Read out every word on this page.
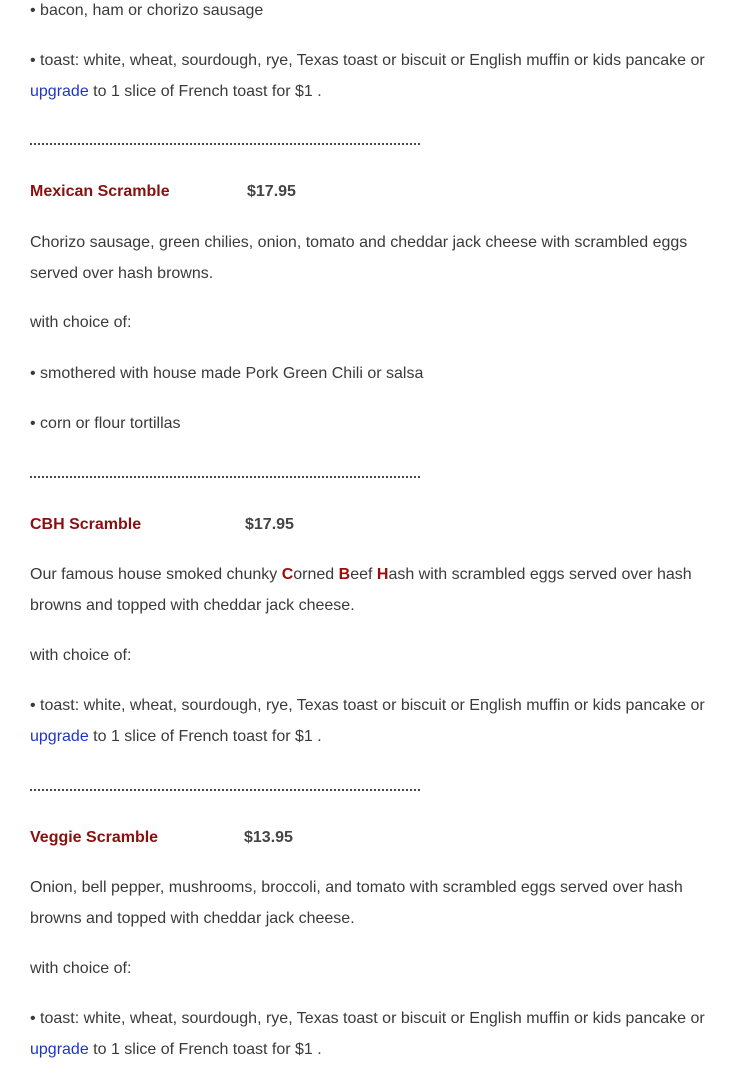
• bacon, ham or chorizo sausage
• toast: white, wheat, sourdough, rye, Texas toast or biscuit or English muffin or kids pancake or upgrade to 1 slice of French toast for $1 .
Mexican Scramble	$17.95
Chorizo sausage, green chilies, onion, tomato and cheddar jack cheese with scrambled eggs served over hash browns.
with choice of:
• smothered with house made Pork Green Chili or salsa
• corn or flour tortillas
CBH Scramble	$17.95
Our famous house smoked chunky Corned Beef Hash with scrambled eggs served over hash browns and topped with cheddar jack cheese.
with choice of:
• toast: white, wheat, sourdough, rye, Texas toast or biscuit or English muffin or kids pancake or upgrade to 1 slice of French toast for $1 .
Veggie Scramble	$13.95
Onion, bell pepper, mushrooms, broccoli, and tomato with scrambled eggs served over hash browns and topped with cheddar jack cheese.
with choice of:
• toast: white, wheat, sourdough, rye, Texas toast or biscuit or English muffin or kids pancake or upgrade to 1 slice of French toast for $1 .
